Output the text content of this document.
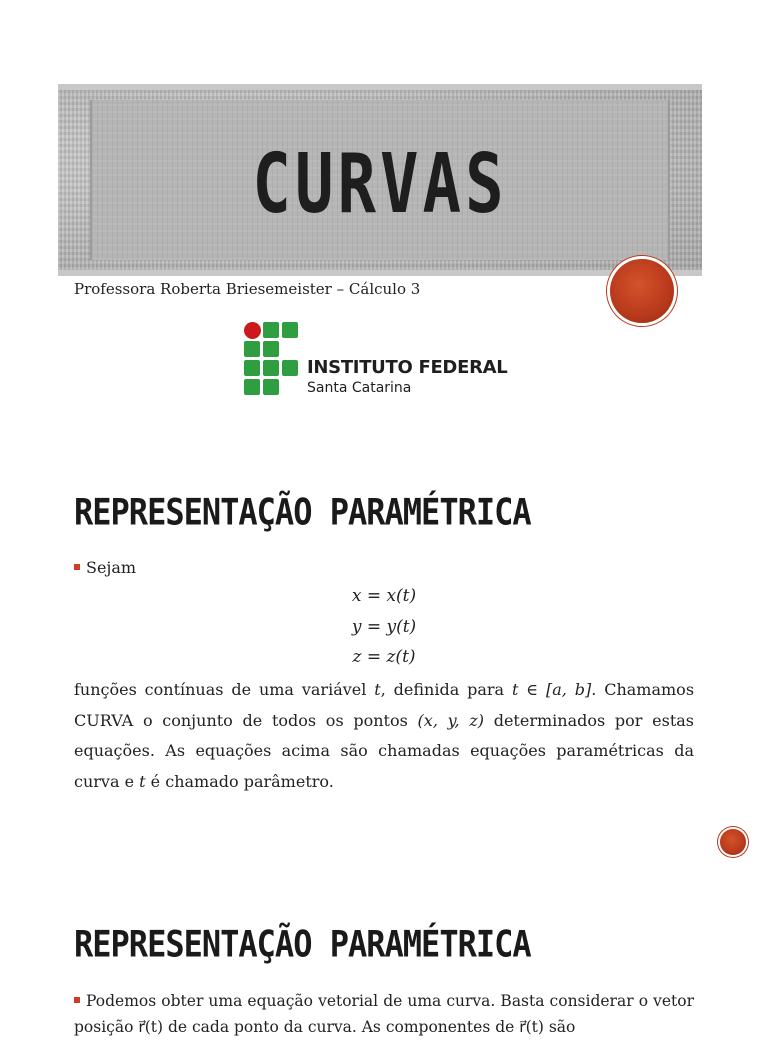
CURVAS
Professora Roberta Briesemeister – Cálculo 3
INSTITUTO FEDERAL
Santa Catarina
REPRESENTAÇÃO PARAMÉTRICA
Sejam
x = x(t)
y = y(t)
z = z(t)
funções contínuas de uma variável t, definida para t ∈ [a, b]. Chamamos CURVA o conjunto de todos os pontos (x, y, z) determinados por estas equações. As equações acima são chamadas equações paramétricas da curva e t é chamado parâmetro.
REPRESENTAÇÃO PARAMÉTRICA
Podemos obter uma equação vetorial de uma curva. Basta considerar o vetor posição r⃗(t) de cada ponto da curva. As componentes de r⃗(t) são
